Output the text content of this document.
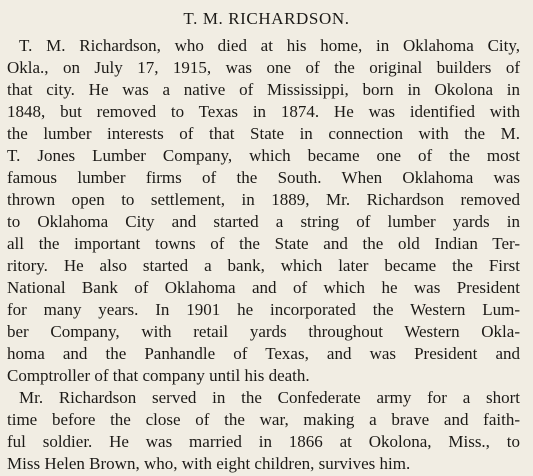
T. M. RICHARDSON.
T. M. Richardson, who died at his home, in Oklahoma City,
Okla., on July 17, 1915, was one of the original builders of
that city. He was a native of Mississippi, born in Okolona in
1848, but removed to Texas in 1874. He was identified with
the lumber interests of that State in connection with the M.
T. Jones Lumber Company, which became one of the most
famous lumber firms of the South. When Oklahoma was
thrown open to settlement, in 1889, Mr. Richardson removed
to Oklahoma City and started a string of lumber yards in
all the important towns of the State and the old Indian Ter-
ritory. He also started a bank, which later became the First
National Bank of Oklahoma and of which he was President
for many years. In 1901 he incorporated the Western Lum-
ber Company, with retail yards throughout Western Okla-
homa and the Panhandle of Texas, and was President and
Comptroller of that company until his death.
Mr. Richardson served in the Confederate army for a short
time before the close of the war, making a brave and faith-
ful soldier. He was married in 1866 at Okolona, Miss., to
Miss Helen Brown, who, with eight children, survives him.
